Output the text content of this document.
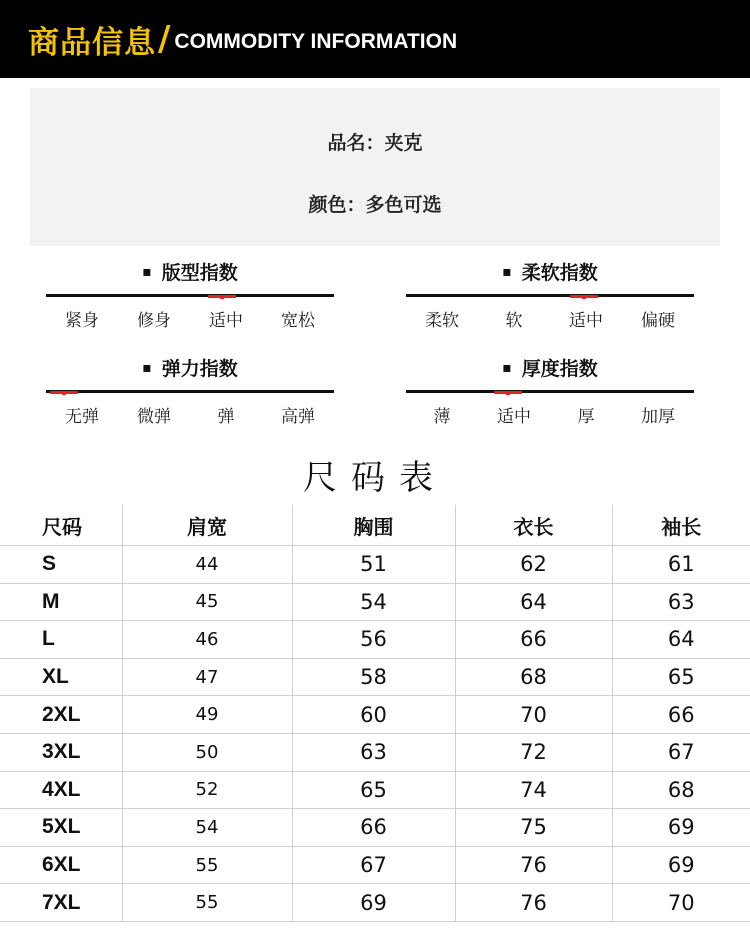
商品信息 / COMMODITY INFORMATION
品名：夹克
颜色：多色可选
▪ 版型指数
紧身	修身	适中	宽松
▪ 柔软指数
柔软	软	适中	偏硬
▪ 弹力指数
无弹	微弹	弹	高弹
▪ 厚度指数
薄	适中	厚	加厚
尺码表
尺码	肩宽	胸围	衣长	袖长
S	44	51	62	61
M	45	54	64	63
L	46	56	66	64
XL	47	58	68	65
2XL	49	60	70	66
3XL	50	63	72	67
4XL	52	65	74	68
5XL	54	66	75	69
6XL	55	67	76	69
7XL	55	69	76	70
